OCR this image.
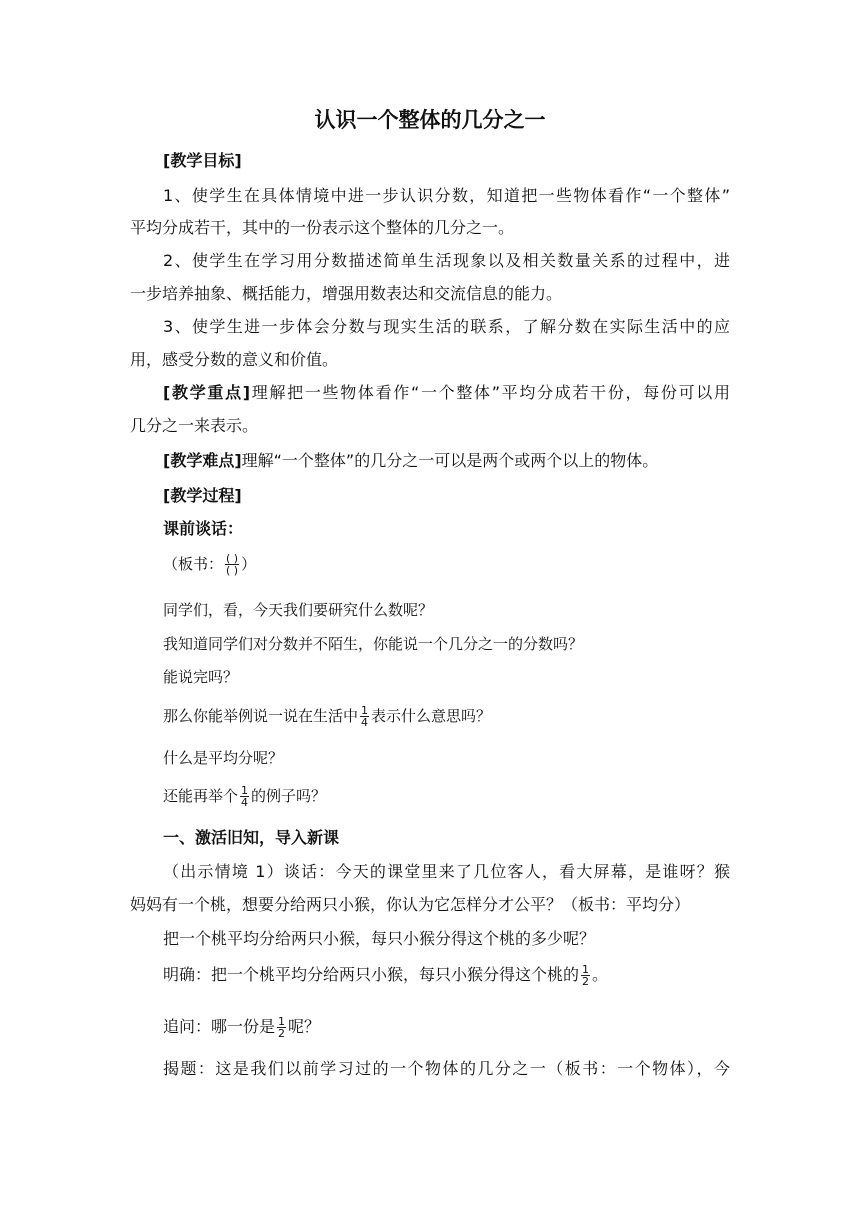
认识一个整体的几分之一
[教学目标]
1、使学生在具体情境中进一步认识分数，知道把一些物体看作“一个整体”
平均分成若干，其中的一份表示这个整体的几分之一。
2、使学生在学习用分数描述简单生活现象以及相关数量关系的过程中，进
一步培养抽象、概括能力，增强用数表达和交流信息的能力。
3、使学生进一步体会分数与现实生活的联系，了解分数在实际生活中的应
用，感受分数的意义和价值。
[教学重点]理解把一些物体看作“一个整体”平均分成若干份，每份可以用
几分之一来表示。
[教学难点]理解“一个整体”的几分之一可以是两个或两个以上的物体。
[教学过程]
课前谈话：
（板书： $\frac{( )}{( )}$ ）
同学们，看，今天我们要研究什么数呢？
我知道同学们对分数并不陌生，你能说一个几分之一的分数吗？
能说完吗？
那么你能举例说一说在生活中 $\frac{1}{4}$ 表示什么意思吗？
什么是平均分呢？
还能再举个 $\frac{1}{4}$ 的例子吗？
一、激活旧知，导入新课
（出示情境 1）谈话：今天的课堂里来了几位客人，看大屏幕，是谁呀？猴
妈妈有一个桃，想要分给两只小猴，你认为它怎样分才公平？（板书：平均分）
把一个桃平均分给两只小猴，每只小猴分得这个桃的多少呢？
明确：把一个桃平均分给两只小猴，每只小猴分得这个桃的 $\frac{1}{2}$ 。
追问：哪一份是 $\frac{1}{2}$ 呢？
揭题：这是我们以前学习过的一个物体的几分之一（板书：一个物体），今
